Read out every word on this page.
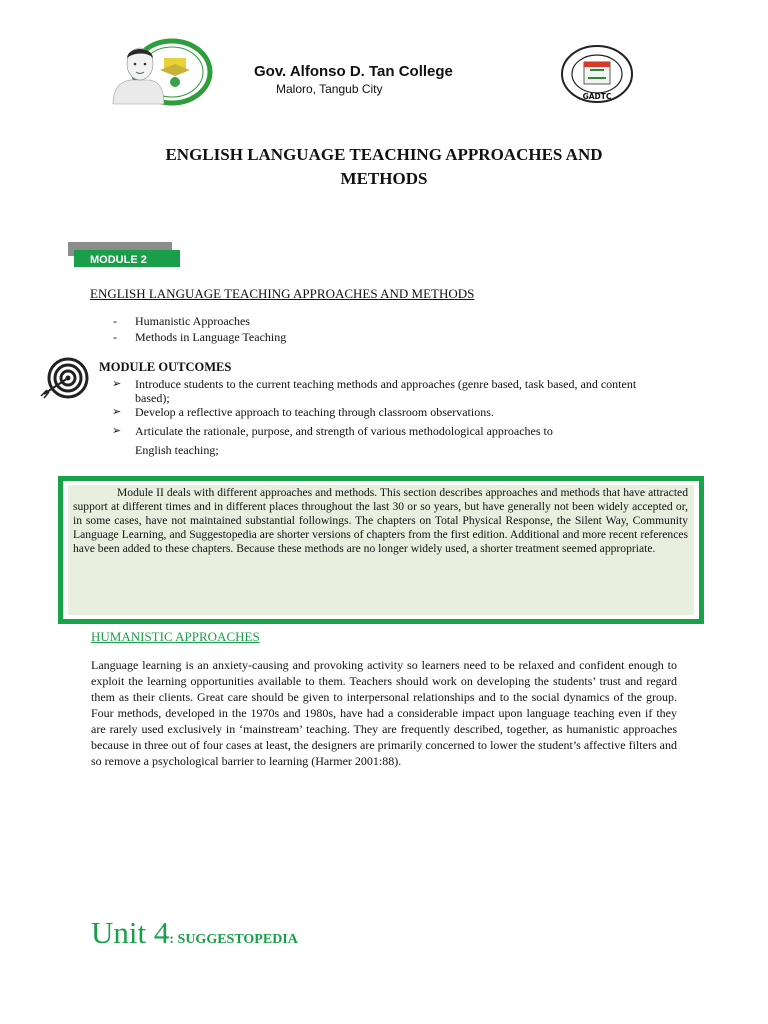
Gov. Alfonso D. Tan College
Maloro, Tangub City
GADTC
ENGLISH LANGUAGE TEACHING APPROACHES AND
METHODS
MODULE 2
ENGLISH LANGUAGE TEACHING APPROACHES AND METHODS
- Humanistic Approaches
- Methods in Language Teaching
MODULE OUTCOMES
➢ Introduce students to the current teaching methods and approaches (genre based, task based, and content based);
➢ Develop a reflective approach to teaching through classroom observations.
➢ Articulate the rationale, purpose, and strength of various methodological approaches to
English teaching;
Module II deals with different approaches and methods. This section describes approaches and methods that have attracted support at different times and in different places throughout the last 30 or so years, but have generally not been widely accepted or, in some cases, have not maintained substantial followings. The chapters on Total Physical Response, the Silent Way, Community Language Learning, and Suggestopedia are shorter versions of chapters from the first edition. Additional and more recent references have been added to these chapters. Because these methods are no longer widely used, a shorter treatment seemed appropriate.
HUMANISTIC APPROACHES
Language learning is an anxiety-causing and provoking activity so learners need to be relaxed and confident enough to exploit the learning opportunities available to them. Teachers should work on developing the students’ trust and regard them as their clients. Great care should be given to interpersonal relationships and to the social dynamics of the group. Four methods, developed in the 1970s and 1980s, have had a considerable impact upon language teaching even if they are rarely used exclusively in ‘mainstream’ teaching. They are frequently described, together, as humanistic approaches because in three out of four cases at least, the designers are primarily concerned to lower the student’s affective filters and so remove a psychological barrier to learning (Harmer 2001:88).
Unit 4: SUGGESTOPEDIA
